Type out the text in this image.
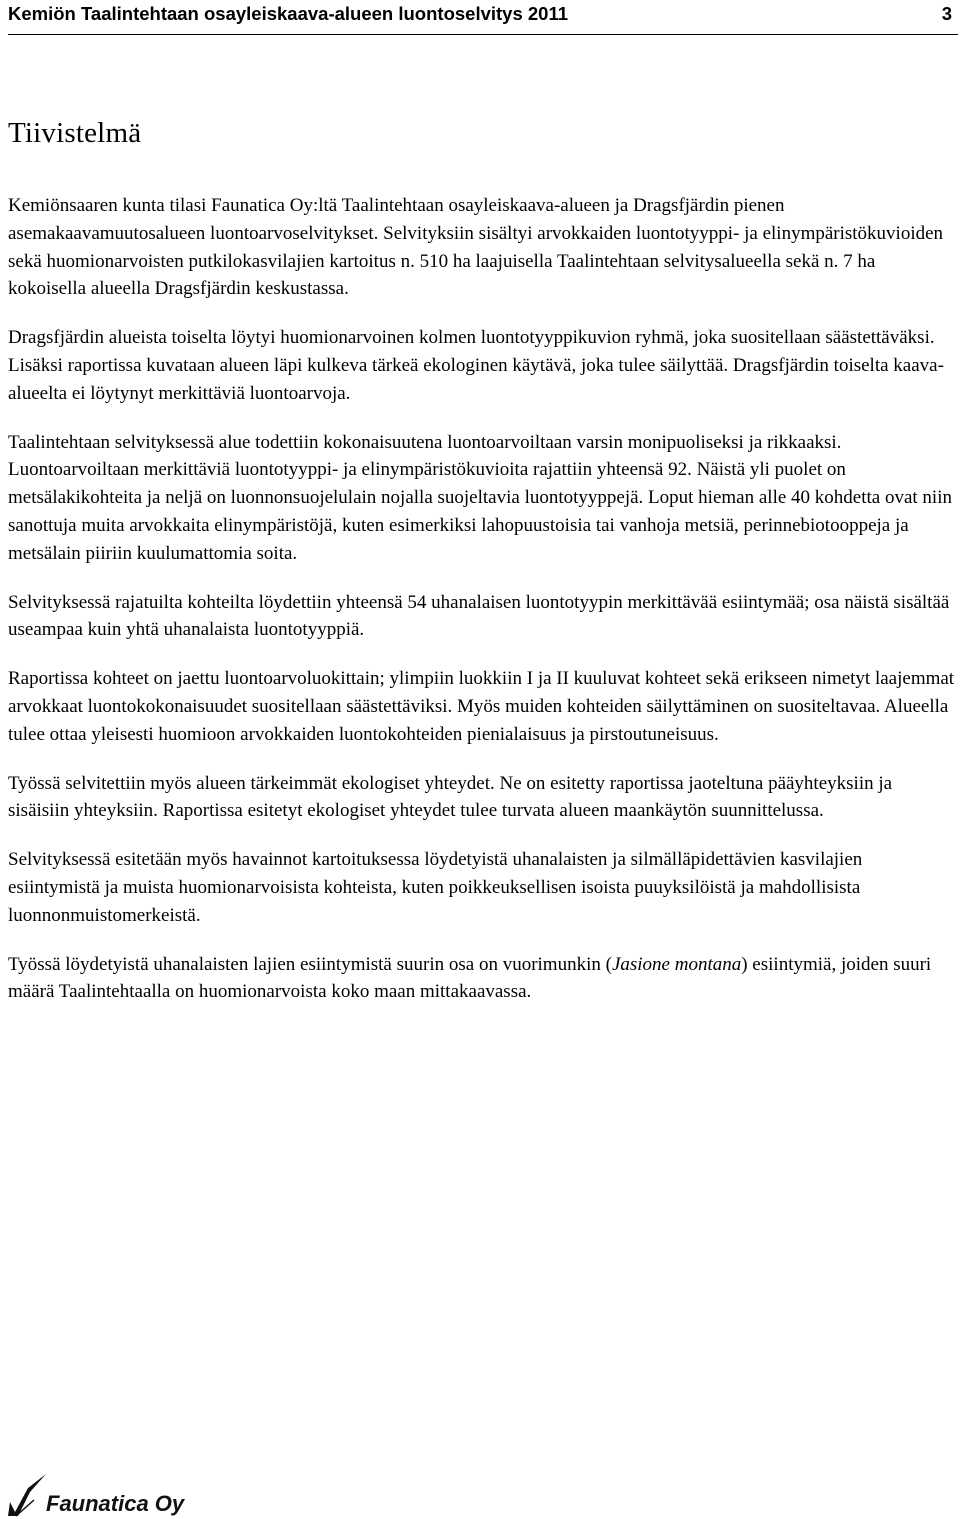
Kemiön Taalintehtaan osayleiskaava-alueen luontoselvitys 2011	3
Tiivistelmä

Kemiönsaaren kunta tilasi Faunatica Oy:ltä Taalintehtaan osayleiskaava-alueen ja Dragsfjärdin pienen asemakaavamuutosalueen luontoarvoselvitykset. Selvityksiin sisältyi arvokkaiden luontotyyppi- ja elinympäristökuvioiden sekä huomionarvoisten putkilokasvilajien kartoitus n. 510 ha laajuisella Taalintehtaan selvitysalueella sekä n. 7 ha kokoisella alueella Dragsfjärdin keskustassa.

Dragsfjärdin alueista toiselta löytyi huomionarvoinen kolmen luontotyyppikuvion ryhmä, joka suositellaan säästettäväksi. Lisäksi raportissa kuvataan alueen läpi kulkeva tärkeä ekologinen käytävä, joka tulee säilyttää. Dragsfjärdin toiselta kaava-alueelta ei löytynyt merkittäviä luontoarvoja.

Taalintehtaan selvityksessä alue todettiin kokonaisuutena luontoarvoiltaan varsin monipuoliseksi ja rikkaaksi. Luontoarvoiltaan merkittäviä luontotyyppi- ja elinympäristökuvioita rajattiin yhteensä 92. Näistä yli puolet on metsälakikohteita ja neljä on luonnonsuojelulain nojalla suojeltavia luontotyyppejä. Loput hieman alle 40 kohdetta ovat niin sanottuja muita arvokkaita elinympäristöjä, kuten esimerkiksi lahopuustoisia tai vanhoja metsiä, perinnebiotooppeja ja metsälain piiriin kuulumattomia soita.

Selvityksessä rajatuilta kohteilta löydettiin yhteensä 54 uhanalaisen luontotyypin merkittävää esiintymää; osa näistä sisältää useampaa kuin yhtä uhanalaista luontotyyppiä.

Raportissa kohteet on jaettu luontoarvoluokittain; ylimpiin luokkiin I ja II kuuluvat kohteet sekä erikseen nimetyt laajemmat arvokkaat luontokokonaisuudet suositellaan säästettäviksi. Myös muiden kohteiden säilyttäminen on suositeltavaa. Alueella tulee ottaa yleisesti huomioon arvokkaiden luontokohteiden pienialaisuus ja pirstoutuneisuus.

Työssä selvitettiin myös alueen tärkeimmät ekologiset yhteydet. Ne on esitetty raportissa jaoteltuna pääyhteyksiin ja sisäisiin yhteyksiin. Raportissa esitetyt ekologiset yhteydet tulee turvata alueen maankäytön suunnittelussa.

Selvityksessä esitetään myös havainnot kartoituksessa löydetyistä uhanalaisten ja silmälläpidettävien kasvilajien esiintymistä ja muista huomionarvoisista kohteista, kuten poikkeuksellisen isoista puuyksilöistä ja mahdollisista luonnonmuistomerkeistä.

Työssä löydetyistä uhanalaisten lajien esiintymistä suurin osa on vuorimunkin (Jasione montana) esiintymiä, joiden suuri määrä Taalintehtaalla on huomionarvoista koko maan mittakaavassa.

Faunatica Oy
